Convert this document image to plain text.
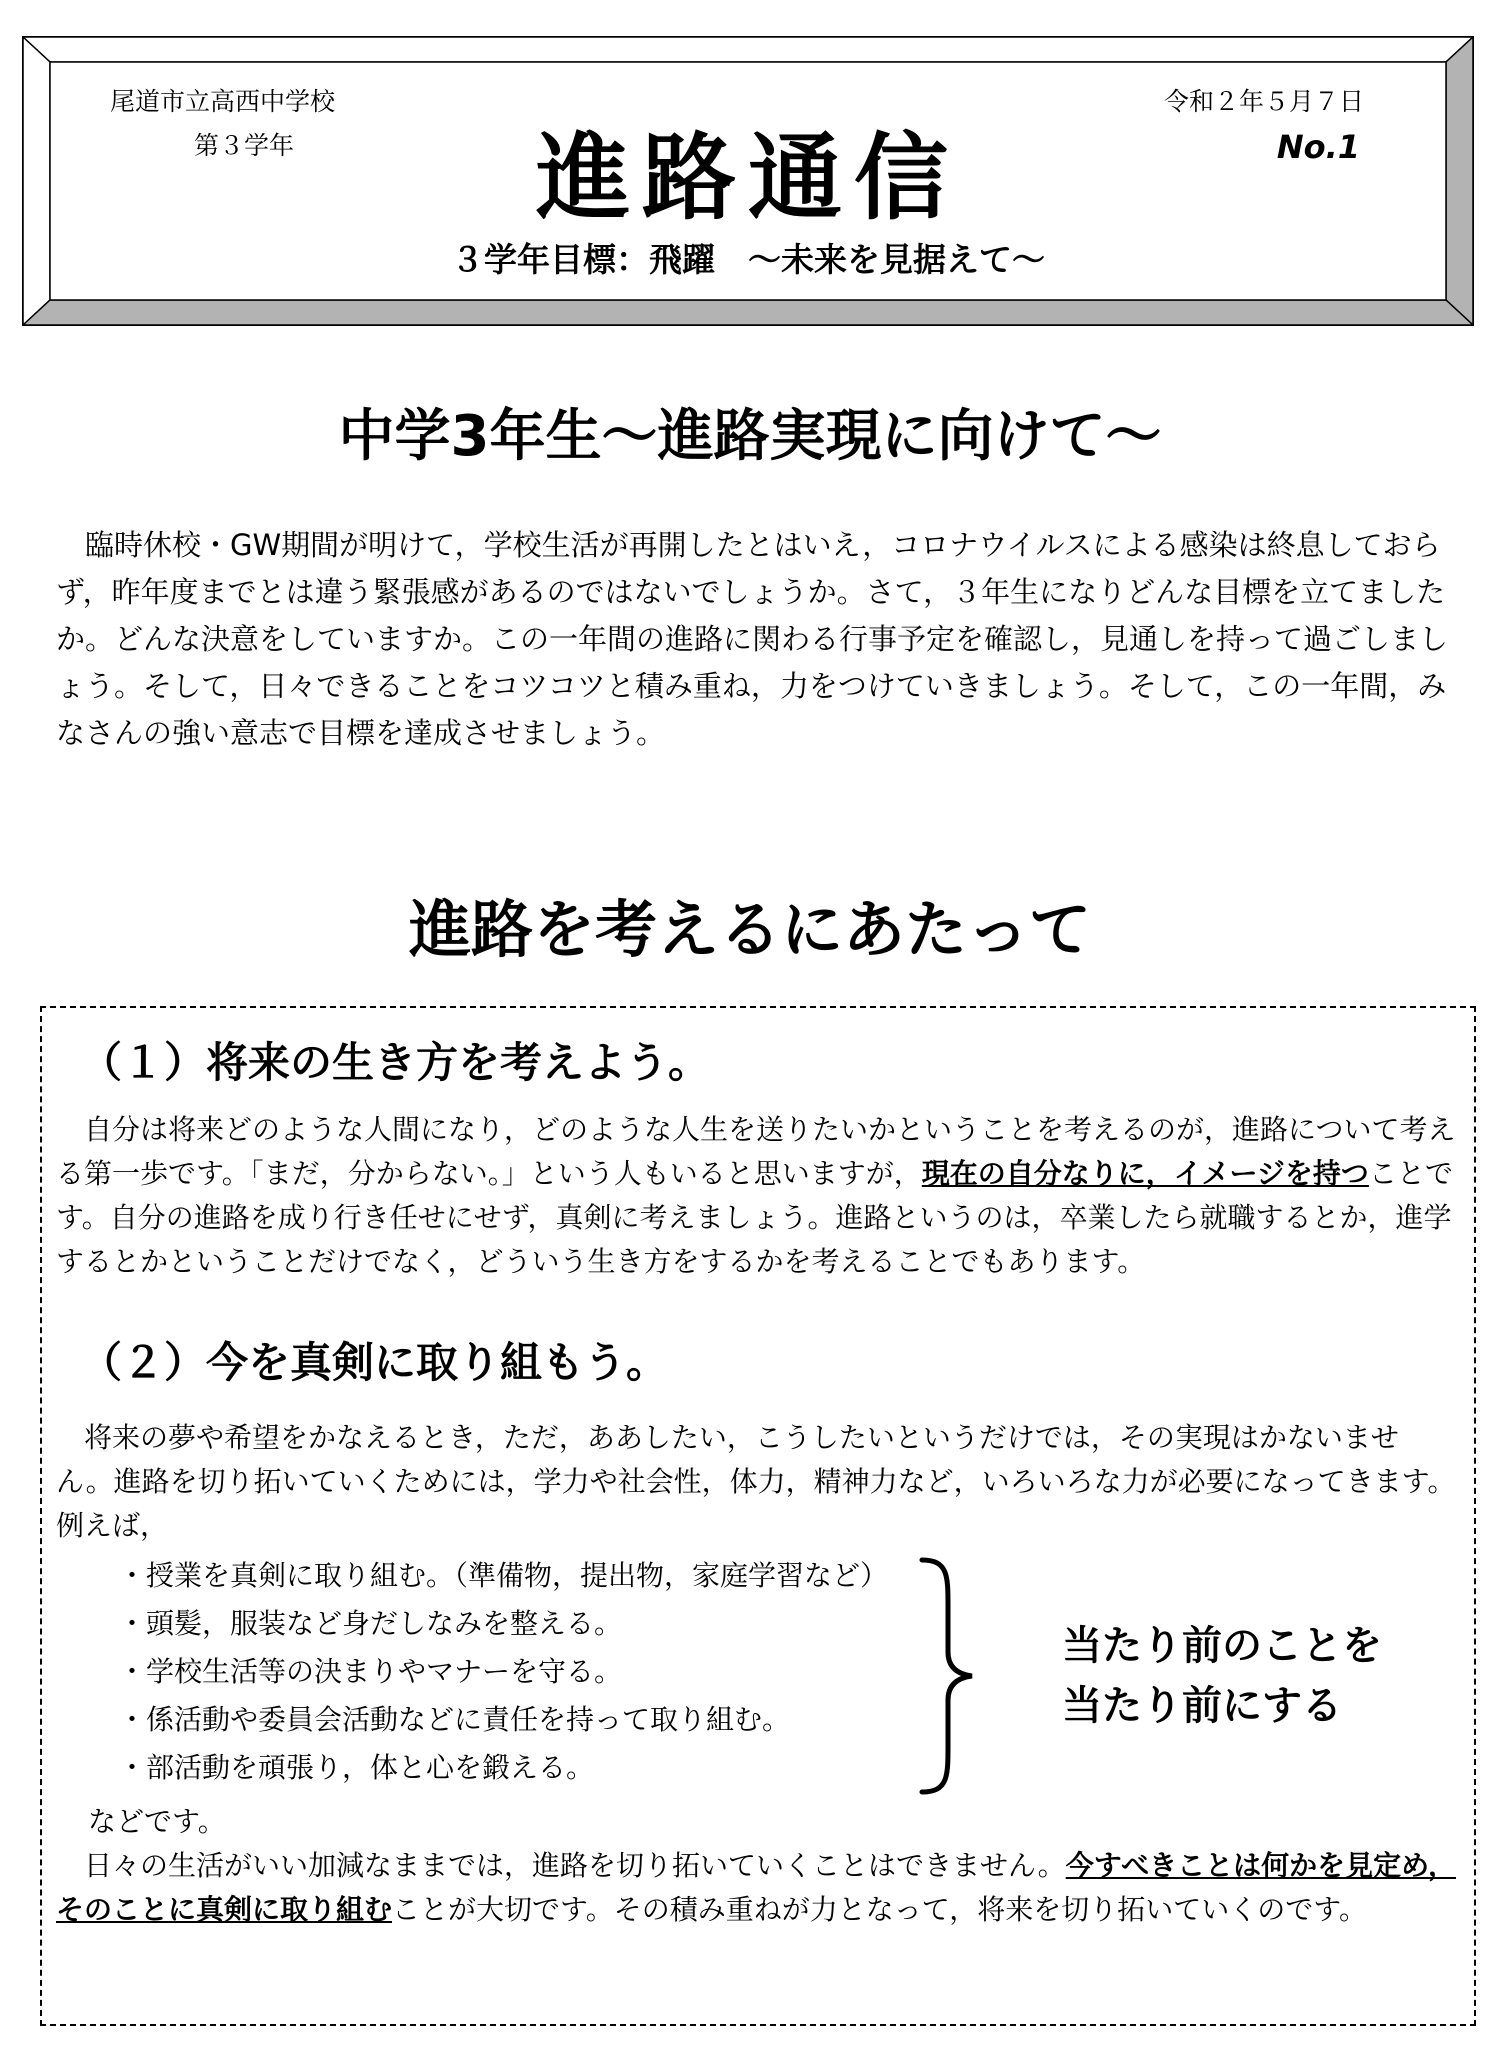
尾道市立高西中学校
第３学年
令和２年５月７日
No.1
進路通信
３学年目標：飛躍　～未来を見据えて～
中学3年生～進路実現に向けて～

臨時休校・GW期間が明けて，学校生活が再開したとはいえ，コロナウイルスによる感染は終息しておらず，昨年度までとは違う緊張感があるのではないでしょうか。さて，３年生になりどんな目標を立てましたか。どんな決意をしていますか。この一年間の進路に関わる行事予定を確認し，見通しを持って過ごしましょう。そして，日々できることをコツコツと積み重ね，力をつけていきましょう。そして，この一年間，みなさんの強い意志で目標を達成させましょう。

進路を考えるにあたって
（１）将来の生き方を考えよう。

自分は将来どのような人間になり，どのような人生を送りたいかということを考えるのが，進路について考える第一歩です。「まだ，分からない。」という人もいると思いますが，現在の自分なりに，イメージを持つことです。自分の進路を成り行き任せにせず，真剣に考えましょう。進路というのは，卒業したら就職するとか，進学するとかということだけでなく，どういう生き方をするかを考えることでもあります。

（２）今を真剣に取り組もう。

将来の夢や希望をかなえるとき，ただ，ああしたい，こうしたいというだけでは，その実現はかないません。進路を切り拓いていくためには，学力や社会性，体力，精神力など，いろいろな力が必要になってきます。例えば，

・授業を真剣に取り組む。（準備物，提出物，家庭学習など）
・頭髪，服装など身だしなみを整える。
・学校生活等の決まりやマナーを守る。
・係活動や委員会活動などに責任を持って取り組む。
・部活動を頑張り，体と心を鍛える。
当たり前のことを
当たり前にする
などです。

日々の生活がいい加減なままでは，進路を切り拓いていくことはできません。今すべきことは何かを見定め，そのことに真剣に取り組むことが大切です。その積み重ねが力となって，将来を切り拓いていくのです。
